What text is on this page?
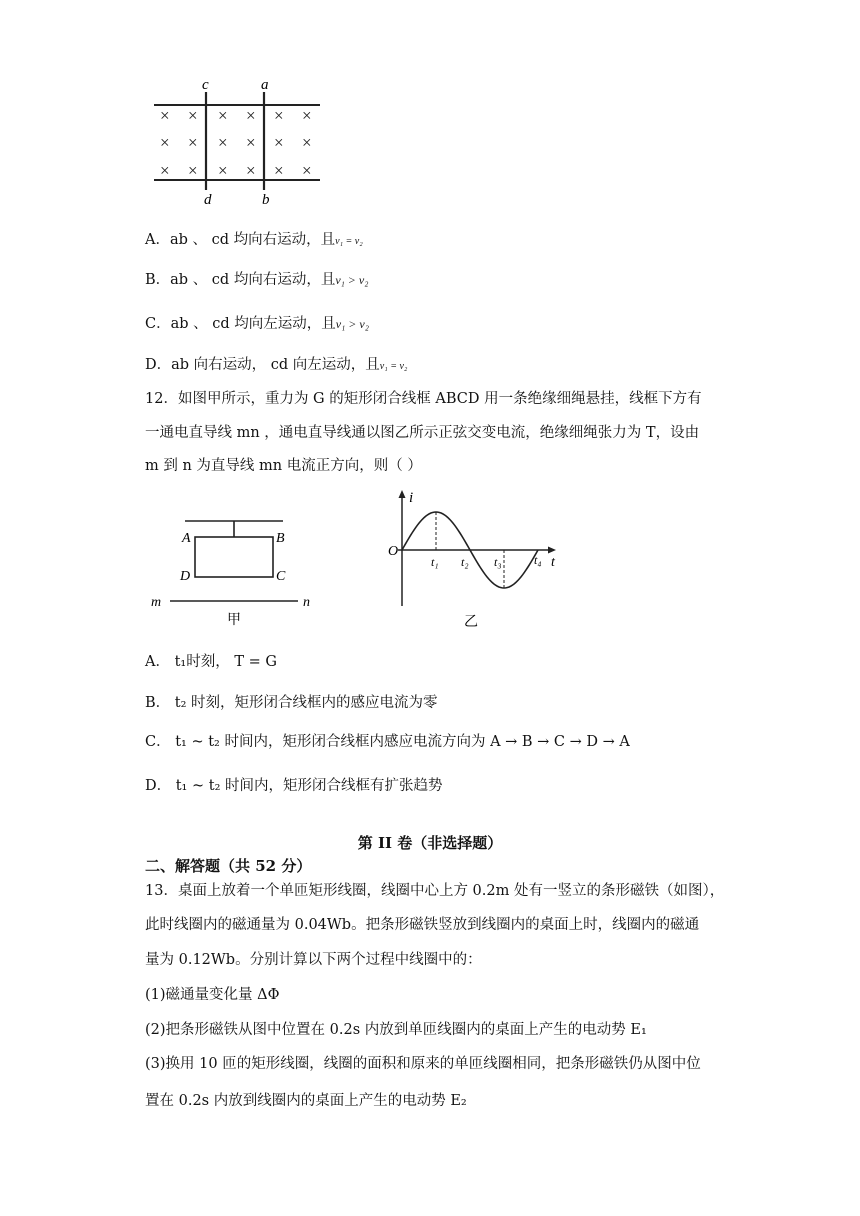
c	a
d	b
× × × × × ×
× × × × × ×
× × × × × ×
A．ab 、 cd 均向右运动，且v₁ = v₂
B．ab 、 cd 均向右运动，且v₁ > v₂
C．ab 、 cd 均向左运动，且v₁ > v₂
D．ab 向右运动， cd 向左运动，且v₁ = v₂
12．如图甲所示，重力为 G 的矩形闭合线框 ABCD 用一条绝缘细绳悬挂，线框下方有
一通电直导线 mn ，通电直导线通以图乙所示正弦交变电流，绝缘细绳张力为 T，设由
m 到 n 为直导线 mn 电流正方向，则（ ）
A	B
D	C
m	n
甲
i
O
t₁ t₂ t₃	t₄ t
乙
A． t₁时刻， T = G
B． t₂ 时刻，矩形闭合线框内的感应电流为零
C． t₁ ~ t₂ 时间内，矩形闭合线框内感应电流方向为 A → B → C → D → A
D． t₁ ~ t₂ 时间内，矩形闭合线框有扩张趋势
第 II 卷（非选择题）
二、解答题（共 52 分）
13．桌面上放着一个单匝矩形线圈，线圈中心上方 0.2m 处有一竖立的条形磁铁（如图），
此时线圈内的磁通量为 0.04Wb。把条形磁铁竖放到线圈内的桌面上时，线圈内的磁通
量为 0.12Wb。分别计算以下两个过程中线圈中的：
(1)磁通量变化量 ΔΦ
(2)把条形磁铁从图中位置在 0.2s 内放到单匝线圈内的桌面上产生的电动势 E₁
(3)换用 10 匝的矩形线圈，线圈的面积和原来的单匝线圈相同，把条形磁铁仍从图中位
置在 0.2s 内放到线圈内的桌面上产生的电动势 E₂
